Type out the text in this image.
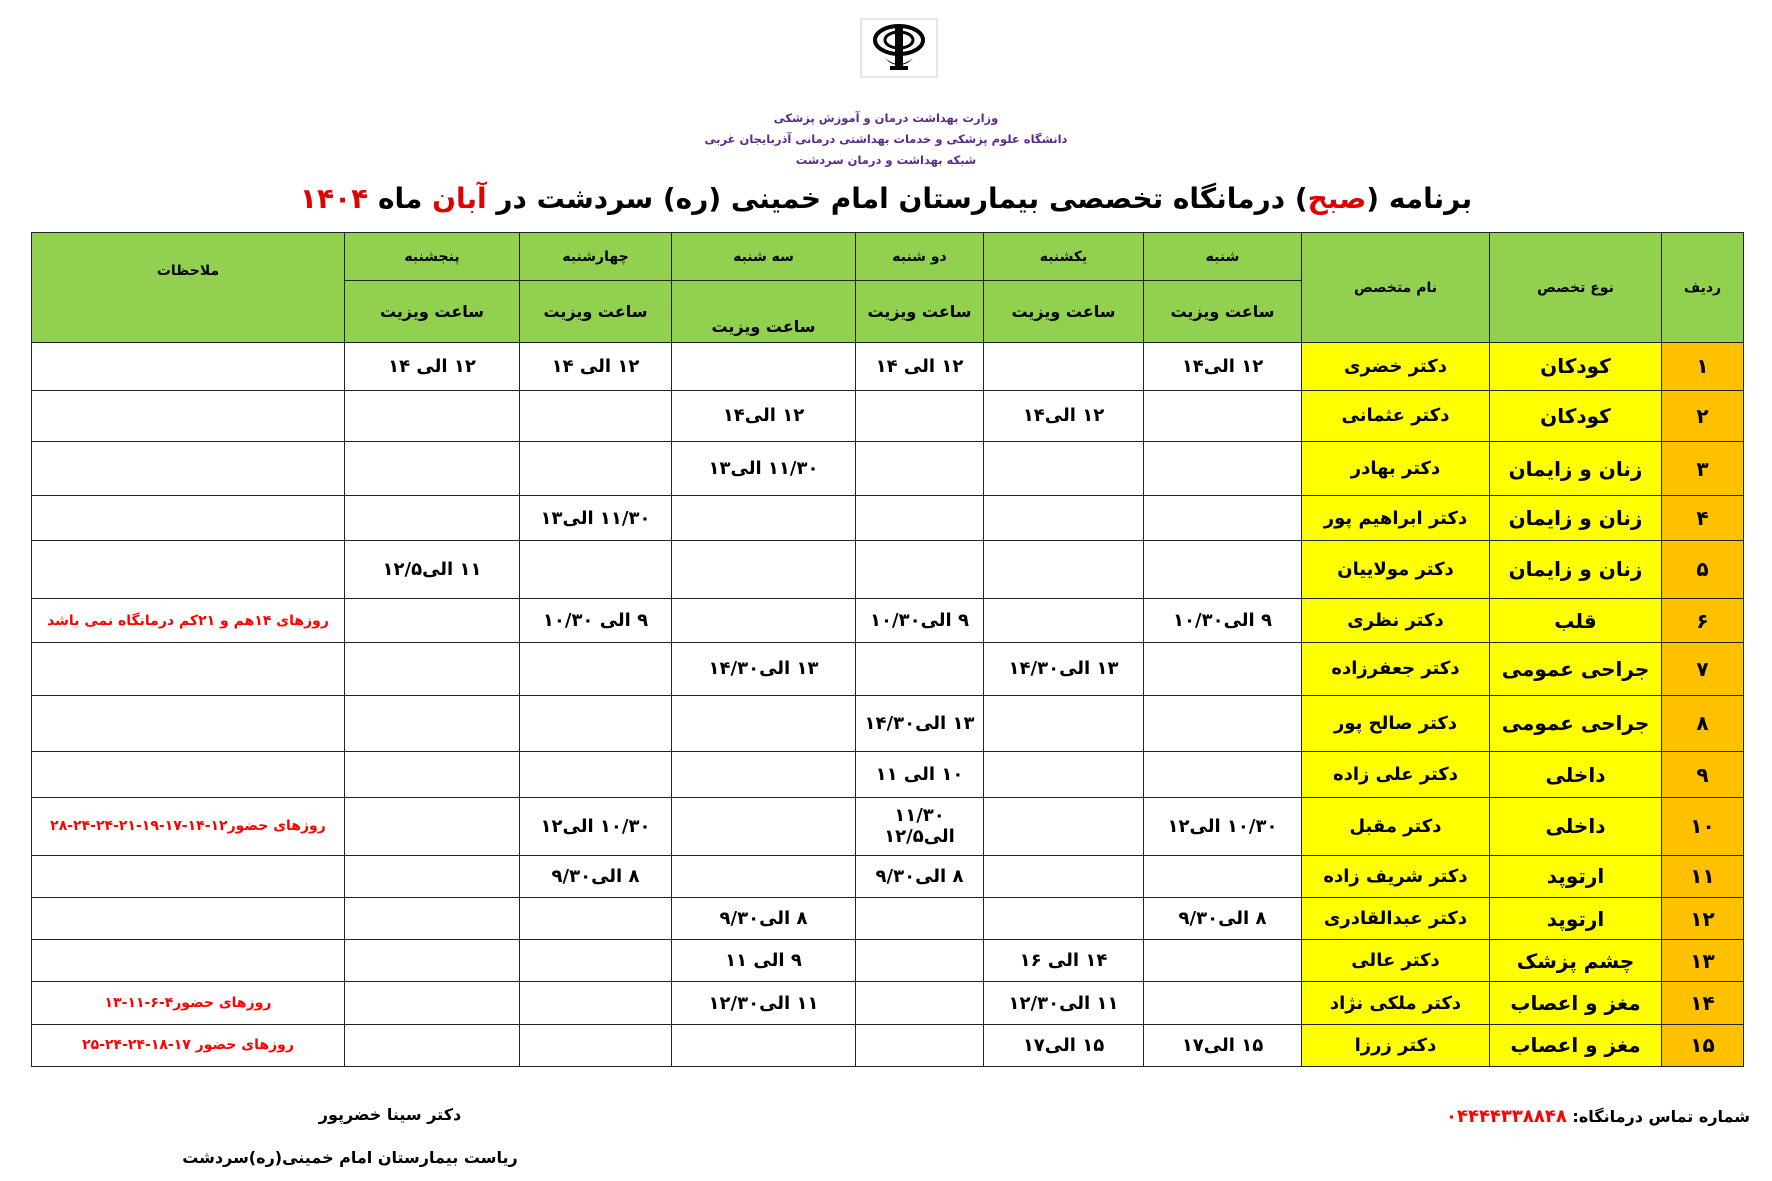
وزارت بهداشت درمان و آموزش پزشکی
دانشگاه علوم پزشکی و خدمات بهداشتی درمانی آذربایجان غربی
شبکه بهداشت و درمان سردشت
برنامه (صبح) درمانگاه تخصصی بیمارستان امام خمینی (ره) سردشت در آبان ماه ۱۴۰۴
ردیف	نوع تخصص	نام متخصص	شنبه	یکشنبه	دو شنبه	سه شنبه	چهارشنبه	پنجشنبه	ملاحظات
			ساعت ویزیت	ساعت ویزیت	ساعت ویزیت	ساعت ویزیت	ساعت ویزیت	ساعت ویزیت	
۱	کودکان	دکتر خضری	۱۲ الی۱۴		۱۲ الی ۱۴		۱۲ الی ۱۴	۱۲ الی ۱۴	
۲	کودکان	دکتر عثمانی		۱۲ الی۱۴		۱۲ الی۱۴			
۳	زنان و زایمان	دکتر بهادر				۱۱/۳۰ الی۱۳			
۴	زنان و زایمان	دکتر ابراهیم پور					۱۱/۳۰ الی۱۳		
۵	زنان و زایمان	دکتر مولاییان						۱۱ الی۱۲/۵	
۶	قلب	دکتر نظری	۹ الی۱۰/۳۰		۹ الی۱۰/۳۰		۹ الی ۱۰/۳۰		روزهای ۱۴هم و ۲۱کم درمانگاه نمی باشد
۷	جراحی عمومی	دکتر جعفرزاده		۱۳ الی۱۴/۳۰		۱۳ الی۱۴/۳۰			
۸	جراحی عمومی	دکتر صالح پور			۱۳ الی۱۴/۳۰				
۹	داخلی	دکتر علی زاده			۱۰ الی ۱۱				
۱۰	داخلی	دکتر مقبل	۱۰/۳۰ الی۱۲		۱۱/۳۰ الی۱۲/۵		۱۰/۳۰ الی۱۲		روزهای حضور۱۲-۱۴-۱۷-۱۹-۲۱-۲۴-۲۴-۲۸
۱۱	ارتوپد	دکتر شریف زاده			۸ الی۹/۳۰		۸ الی۹/۳۰		
۱۲	ارتوپد	دکتر عبدالقادری	۸ الی۹/۳۰			۸ الی۹/۳۰			
۱۳	چشم پزشک	دکتر عالی		۱۴ الی ۱۶		۹ الی ۱۱			
۱۴	مغز و اعصاب	دکتر ملکی نژاد		۱۱ الی۱۲/۳۰		۱۱ الی۱۲/۳۰			روزهای حضور۴-۶-۱۱-۱۳
۱۵	مغز و اعصاب	دکتر زرزا	۱۵ الی۱۷	۱۵ الی۱۷					روزهای حضور ۱۷-۱۸-۲۴-۲۴-۲۵
شماره تماس درمانگاه: ۰۴۴۴۴۳۳۸۸۴۸
دکتر سینا خضرپور
ریاست بیمارستان امام خمینی(ره)سردشت
